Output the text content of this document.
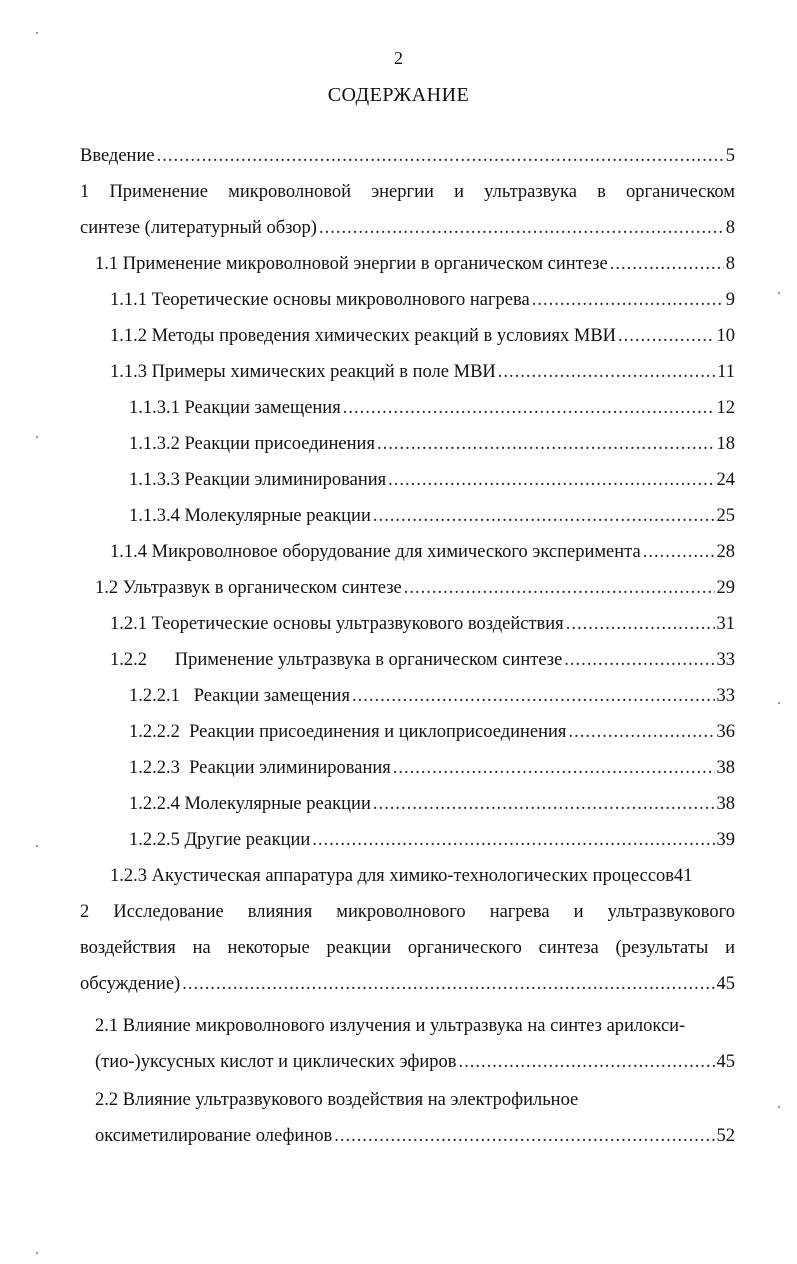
2
СОДЕРЖАНИЕ
Введение .....	5
1 Применение микроволновой энергии и ультразвука в органическом
синтезе (литературный обзор) .....	8
1.1 Применение микроволновой энергии в органическом синтезе .....	8
1.1.1 Теоретические основы микроволнового нагрева .....	9
1.1.2 Методы проведения химических реакций в условиях МВИ .....	10
1.1.3 Примеры химических реакций в поле МВИ .....	11
1.1.3.1 Реакции замещения .....	12
1.1.3.2 Реакции присоединения .....	18
1.1.3.3 Реакции элиминирования .....	24
1.1.3.4 Молекулярные реакции .....	25
1.1.4 Микроволновое оборудование для химического эксперимента .....	28
1.2 Ультразвук в органическом синтезе .....	29
1.2.1 Теоретические основы ультразвукового воздействия .....	31
1.2.2      Применение ультразвука в органическом синтезе .....	33
1.2.2.1   Реакции замещения .....	33
1.2.2.2  Реакции присоединения и циклоприсоединения .....	36
1.2.2.3  Реакции элиминирования .....	38
1.2.2.4 Молекулярные реакции .....	38
1.2.2.5 Другие реакции .....	39
1.2.3 Акустическая аппаратура для химико-технологических процессов 41
2 Исследование влияния микроволнового нагрева и ультразвукового
воздействия на некоторые реакции органического синтеза (результаты и
обсуждение) .....	45
2.1 Влияние микроволнового излучения и ультразвука на синтез арилокси-
(тио-)уксусных кислот и циклических эфиров .....	45
2.2 Влияние ультразвукового воздействия на электрофильное
оксиметилирование олефинов .....	52
